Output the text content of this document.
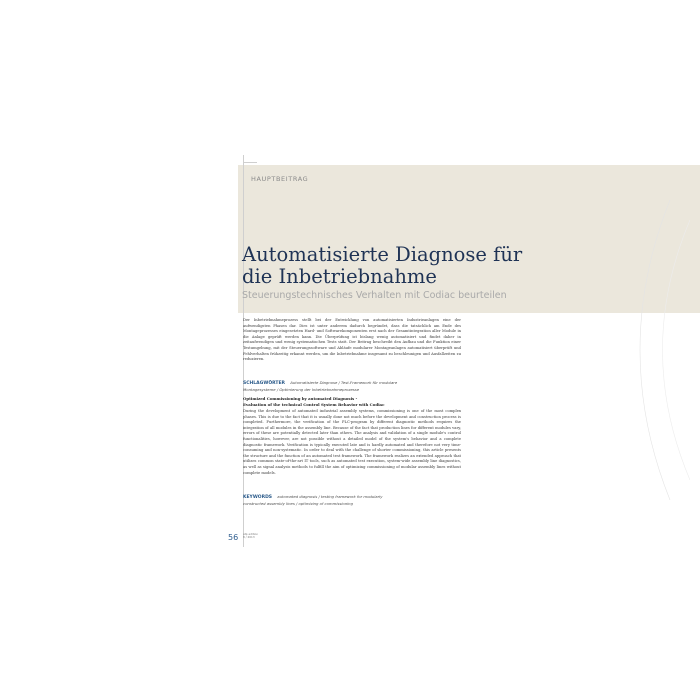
HAUPTBEITRAG
Automatisierte Diagnose für
die Inbetriebnahme
Steuerungstechnisches Verhalten mit Codiac beurteilen
Der Inbetriebnahmeprozess stellt bei der Entwicklung von automatisierten Industrieanlagen eine der aufwendigsten Phasen dar. Dies ist unter anderem dadurch begründet, dass die tatsächlich am Ende des Montageprozesses eingesetzten Hard- und Softwarekomponenten erst nach der Gesamtintegration aller Module in die Anlage geprüft werden kann. Die Überprüfung ist bislang wenig automatisiert und findet daher in zeitaufwendigen und wenig systematischen Tests statt. Der Beitrag beschreibt den Aufbau und die Funktion einer Testumgebung, mit der Steuerungssoftware und Abläufe modularer Montageanlagen automatisiert überprüft und Fehlverhalten frühzeitig erkannt werden, um die Inbetriebnahme insgesamt zu beschleunigen und Ausfallzeiten zu reduzieren.
SCHLAGWÖRTER Automatisierte Diagnose / Test-Framework für modulare Montagesysteme / Optimierung der Inbetriebnahmeprozesse
Optimized Commissioning by automated Diagnosis -
Evaluation of the technical Control System Behavior with Codiac
During the development of automated industrial assembly systems, commissioning is one of the most complex phases. This is due to the fact that it is usually done not much before the development and construction process is completed. Furthermore, the verification of the PLC-program by different diagnostic methods requires the integration of all modules in the assembly line. Because of the fact that production lines for different modules vary, errors of these are potentially detected later than others. The analysis and validation of a single module's control functionalities, however, are not possible without a detailed model of the system's behavior and a complete diagnostic framework. Verification is typically executed late and is hardly automated and therefore not very time-consuming and non-systematic. In order to deal with the challenge of shorter commissioning, this article presents the structure and the function of an automated test framework. The framework realizes an extended approach that utilizes common state-of-the-art IT tools, such as automated test execution, system-wide assembly line diagnostics, as well as signal analysis methods to fulfill the aim of optimizing commissioning of modular assembly lines without complete models.
KEYWORDS automated diagnosis / testing framework for modularly constructed assembly lines / optimizing of commissioning
56 atp edition
8 / 2013
